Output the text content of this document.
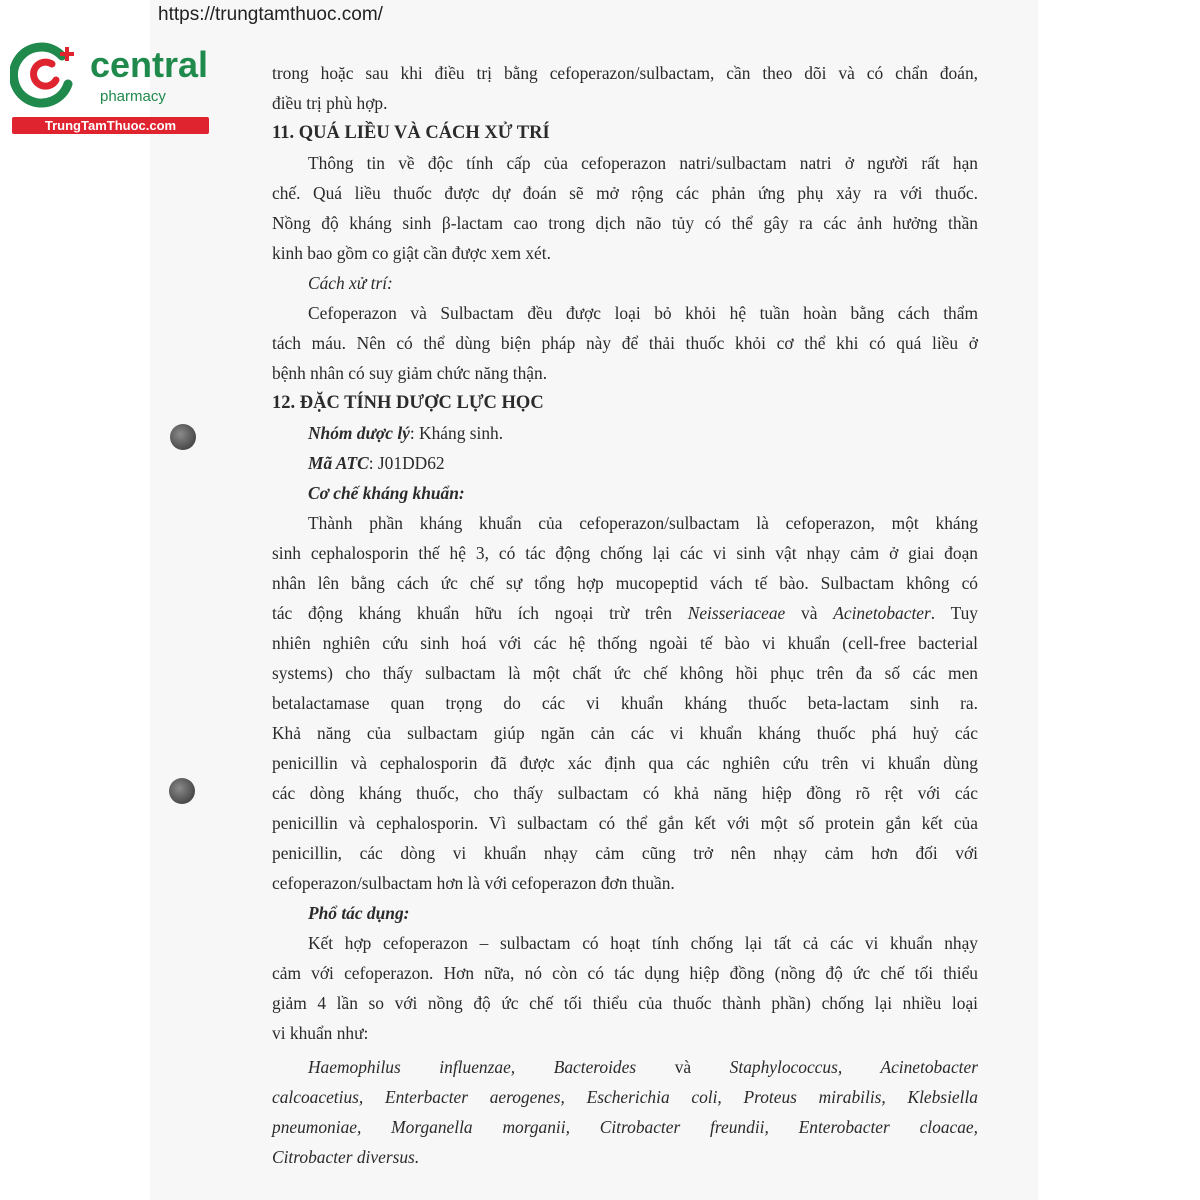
https://trungtamthuoc.com/
central
pharmacy
TrungTamThuoc.com

trong hoặc sau khi điều trị bằng cefoperazon/sulbactam, cần theo dõi và có chẩn đoán,

điều trị phù hợp.

11. QUÁ LIỀU VÀ CÁCH XỬ TRÍ

Thông tin về độc tính cấp của cefoperazon natri/sulbactam natri ở người rất hạn

chế. Quá liều thuốc được dự đoán sẽ mở rộng các phản ứng phụ xảy ra với thuốc.

Nồng độ kháng sinh β-lactam cao trong dịch não tủy có thể gây ra các ảnh hưởng thần

kinh bao gồm co giật cần được xem xét.

Cách xử trí:

Cefoperazon và Sulbactam đều được loại bỏ khỏi hệ tuần hoàn bằng cách thẩm

tách máu. Nên có thể dùng biện pháp này để thải thuốc khỏi cơ thể khi có quá liều ở

bệnh nhân có suy giảm chức năng thận.

12. ĐẶC TÍNH DƯỢC LỰC HỌC

Nhóm dược lý: Kháng sinh.

Mã ATC: J01DD62

Cơ chế kháng khuẩn:

Thành phần kháng khuẩn của cefoperazon/sulbactam là cefoperazon, một kháng

sinh cephalosporin thế hệ 3, có tác động chống lại các vi sinh vật nhạy cảm ở giai đoạn

nhân lên bằng cách ức chế sự tổng hợp mucopeptid vách tế bào. Sulbactam không có

tác động kháng khuẩn hữu ích ngoại trừ trên Neisseriaceae và Acinetobacter. Tuy

nhiên nghiên cứu sinh hoá với các hệ thống ngoài tế bào vi khuẩn (cell-free bacterial

systems) cho thấy sulbactam là một chất ức chế không hồi phục trên đa số các men

betalactamase quan trọng do các vi khuẩn kháng thuốc beta-lactam sinh ra.

Khả năng của sulbactam giúp ngăn cản các vi khuẩn kháng thuốc phá huỷ các

penicillin và cephalosporin đã được xác định qua các nghiên cứu trên vi khuẩn dùng

các dòng kháng thuốc, cho thấy sulbactam có khả năng hiệp đồng rõ rệt với các

penicillin và cephalosporin. Vì sulbactam có thể gắn kết với một số protein gắn kết của

penicillin, các dòng vi khuẩn nhạy cảm cũng trở nên nhạy cảm hơn đối với

cefoperazon/sulbactam hơn là với cefoperazon đơn thuần.

Phổ tác dụng:

Kết hợp cefoperazon – sulbactam có hoạt tính chống lại tất cả các vi khuẩn nhạy

cảm với cefoperazon. Hơn nữa, nó còn có tác dụng hiệp đồng (nồng độ ức chế tối thiểu

giảm 4 lần so với nồng độ ức chế tối thiểu của thuốc thành phần) chống lại nhiều loại

vi khuẩn như:

Haemophilus influenzae, Bacteroides và Staphylococcus, Acinetobacter

calcoacetius, Enterbacter aerogenes, Escherichia coli, Proteus mirabilis, Klebsiella

pneumoniae, Morganella morganii, Citrobacter freundii, Enterobacter cloacae,

Citrobacter diversus.
